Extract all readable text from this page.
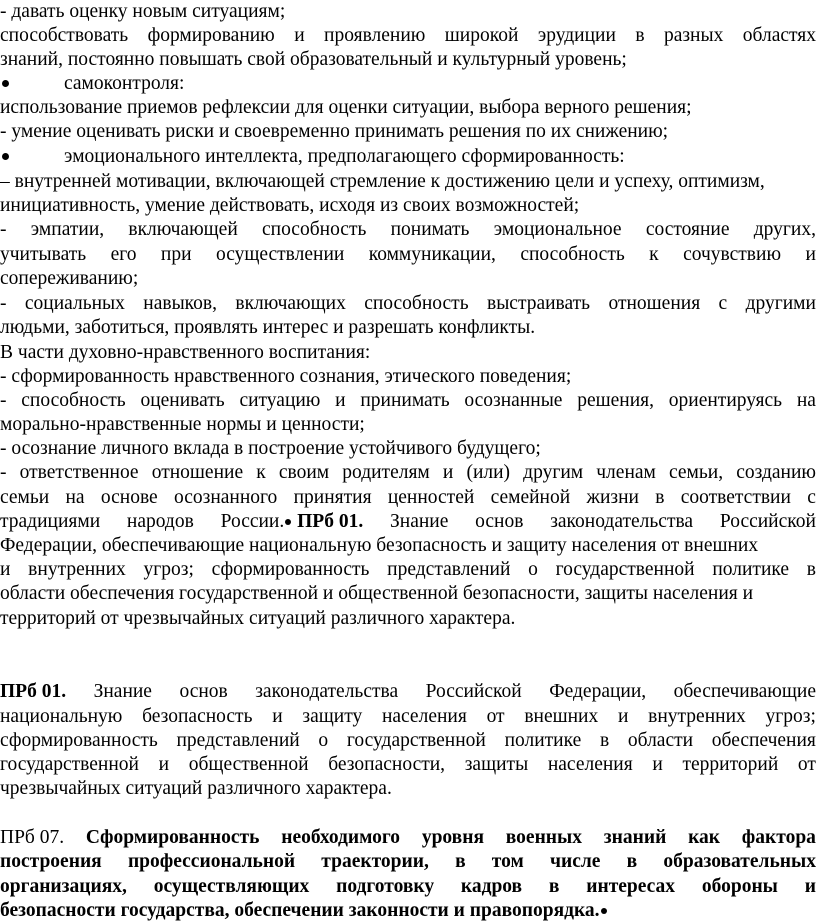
- давать оценку новым ситуациям;
способствовать формированию и проявлению широкой эрудиции в разных областях
знаний, постоянно повышать свой образовательный и культурный уровень;
самоконтроля:
использование приемов рефлексии для оценки ситуации, выбора верного решения;
- умение оценивать риски и своевременно принимать решения по их снижению;
эмоционального интеллекта, предполагающего сформированность:
– внутренней мотивации, включающей стремление к достижению цели и успеху, оптимизм,
инициативность, умение действовать, исходя из своих возможностей;
- эмпатии, включающей способность понимать эмоциональное состояние других,
учитывать его при осуществлении коммуникации, способность к сочувствию и
сопереживанию;
- социальных навыков, включающих способность выстраивать отношения с другими
людьми, заботиться, проявлять интерес и разрешать конфликты.
В части духовно-нравственного воспитания:
- сформированность нравственного сознания, этического поведения;
- способность оценивать ситуацию и принимать осознанные решения, ориентируясь на
морально-нравственные нормы и ценности;
- осознание личного вклада в построение устойчивого будущего;
- ответственное отношение к своим родителям и (или) другим членам семьи, созданию
семьи на основе осознанного принятия ценностей семейной жизни в соответствии с
традициями народов России. ПРб 01. Знание основ законодательства Российской
Федерации, обеспечивающие национальную безопасность и защиту населения от внешних
и внутренних угроз; сформированность представлений о государственной политике в
области обеспечения государственной и общественной безопасности, защиты населения и
территорий от чрезвычайных ситуаций различного характера.
ПРб 01. Знание основ законодательства Российской Федерации, обеспечивающие
национальную безопасность и защиту населения от внешних и внутренних угроз;
сформированность представлений о государственной политике в области обеспечения
государственной и общественной безопасности, защиты населения и территорий от
чрезвычайных ситуаций различного характера.
ПРб 07. Сформированность необходимого уровня военных знаний как фактора
построения профессиональной траектории, в том числе в образовательных
организациях, осуществляющих подготовку кадров в интересах обороны и
безопасности государства, обеспечении законности и правопорядка.
